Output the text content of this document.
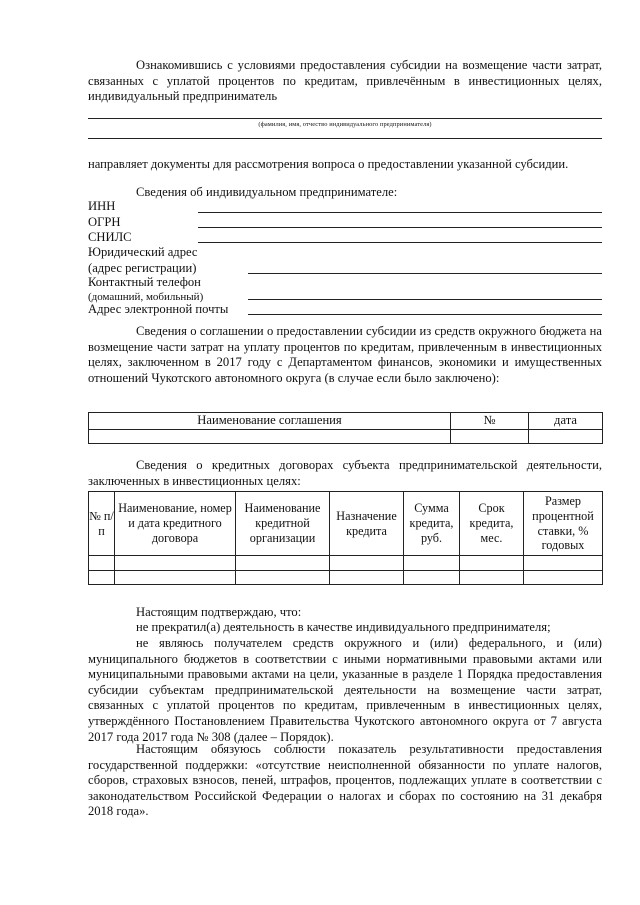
Ознакомившись с условиями предоставления субсидии на возмещение части затрат, связанных с уплатой процентов по кредитам, привлечённым в инвестиционных целях, индивидуальный предприниматель
(фамилия, имя, отчество индивидуального предпринимателя)
направляет документы для рассмотрения вопроса о предоставлении указанной субсидии.
Сведения об индивидуальном предпринимателе:
ИНН
ОГРН
СНИЛС
Юридический адрес
(адрес регистрации)
Контактный телефон
(домашний, мобильный)
Адрес электронной почты
Сведения о соглашении о предоставлении субсидии из средств окружного бюджета на возмещение части затрат на уплату процентов по кредитам, привлеченным в инвестиционных целях, заключенном в 2017 году с Департаментом финансов, экономики и имущественных отношений Чукотского автономного округа (в случае если было заключено):
Наименование соглашения	№	дата

Сведения о кредитных договорах субъекта предпринимательской деятельности, заключенных в инвестиционных целях:
№ п/п	Наименование, номер и дата кредитного договора	Наименование кредитной организации	Назначение кредита	Сумма кредита, руб.	Срок кредита, мес.	Размер процентной ставки, % годовых

Настоящим подтверждаю, что:
не прекратил(а) деятельность в качестве индивидуального предпринимателя;
не являюсь получателем средств окружного и (или) федерального, и (или) муниципального бюджетов в соответствии с иными нормативными правовыми актами или муниципальными правовыми актами на цели, указанные в разделе 1 Порядка предоставления субсидии субъектам предпринимательской деятельности на возмещение части затрат, связанных с уплатой процентов по кредитам, привлеченным в инвестиционных целях, утверждённого Постановлением Правительства Чукотского автономного округа от 7 августа 2017 года 2017 года № 308 (далее – Порядок).
Настоящим обязуюсь соблюсти показатель результативности предоставления государственной поддержки: «отсутствие неисполненной обязанности по уплате налогов, сборов, страховых взносов, пеней, штрафов, процентов, подлежащих уплате в соответствии с законодательством Российской Федерации о налогах и сборах по состоянию на 31 декабря 2018 года».
